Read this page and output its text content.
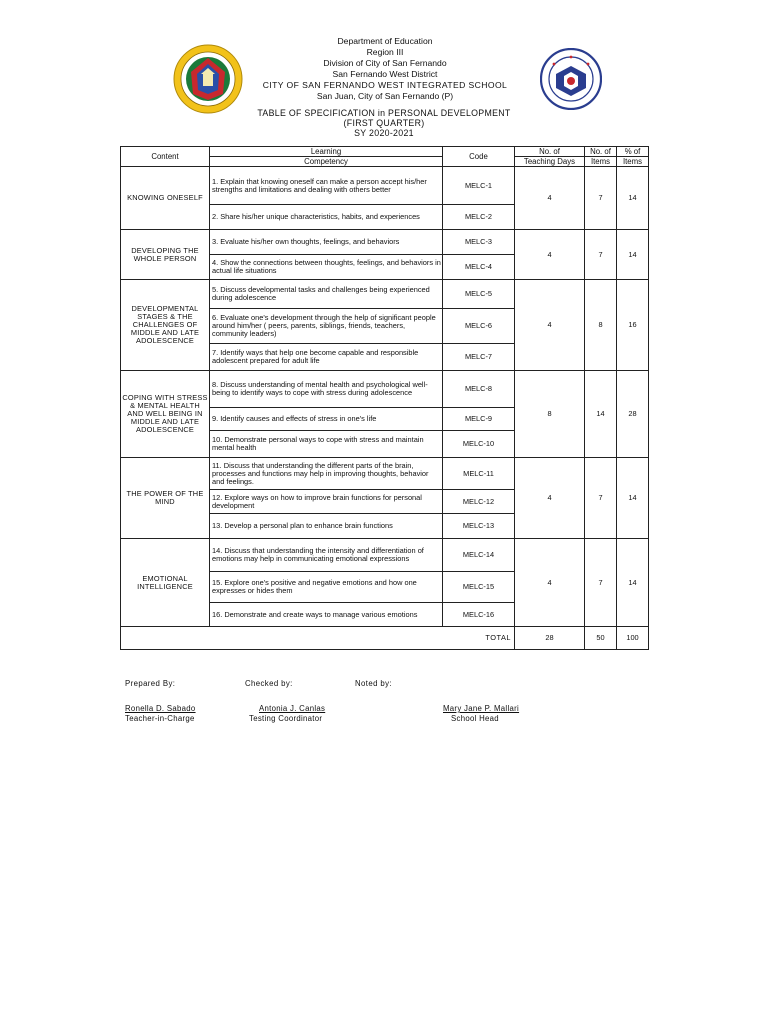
Department of Education
Region III
Division of City of San Fernando
San Fernando West District
CITY OF SAN FERNANDO WEST INTEGRATED SCHOOL
San Juan, City of San Fernando (P)
TABLE OF SPECIFICATION in PERSONAL DEVELOPMENT
(FIRST QUARTER)
SY 2020-2021
Content	Learning	Code	No. of	No. of	% of
	Competency		Teaching Days	Items	Items
KNOWING ONESELF	1. Explain that knowing oneself can make a person accept his/her strengths and limitations and dealing with others better	MELC-1	4	7	14
	2. Share his/her unique characteristics, habits, and experiences	MELC-2			
DEVELOPING THE WHOLE PERSON	3. Evaluate his/her own thoughts, feelings, and behaviors	MELC-3	4	7	14
	4. Show the connections between thoughts, feelings, and behaviors in actual life situations	MELC-4			
DEVELOPMENTAL STAGES & THE CHALLENGES OF MIDDLE AND LATE ADOLESCENCE	5. Discuss developmental tasks and challenges being experienced during adolescence	MELC-5	4	8	16
	6. Evaluate one's development through the help of significant people around him/her ( peers, parents, siblings, friends, teachers, community leaders)	MELC-6			
	7. Identify ways that help one become capable and responsible adolescent prepared for adult life	MELC-7			
COPING WITH STRESS & MENTAL HEALTH AND WELL BEING IN MIDDLE AND LATE ADOLESCENCE	8. Discuss understanding of mental health and psychological well-being to identify ways to cope with stress during adolescence	MELC-8	8	14	28
	9. Identify causes and effects of stress in one's life	MELC-9			
	10. Demonstrate personal ways to cope with stress and maintain mental health	MELC-10			
THE POWER OF THE MIND	11. Discuss that understanding the different parts of the brain, processes and functions may help in improving thoughts, behavior and feelings.	MELC-11	4	7	14
	12. Explore ways on how to improve brain functions for personal development	MELC-12			
	13. Develop a personal plan to enhance brain functions	MELC-13			
EMOTIONAL INTELLIGENCE	14. Discuss that understanding the intensity and differentiation of emotions may help in communicating emotional expressions	MELC-14	4	7	14
	15. Explore one's positive and negative emotions and how one expresses or hides them	MELC-15			
	16. Demonstrate and create ways to manage various emotions	MELC-16			
TOTAL			28	50	100
Prepared By:	Checked by:	Noted by:
Ronella D. Sabado
Teacher-in-Charge
Antonia J. Canlas
Testing Coordinator
Mary Jane P. Mallari
School Head
